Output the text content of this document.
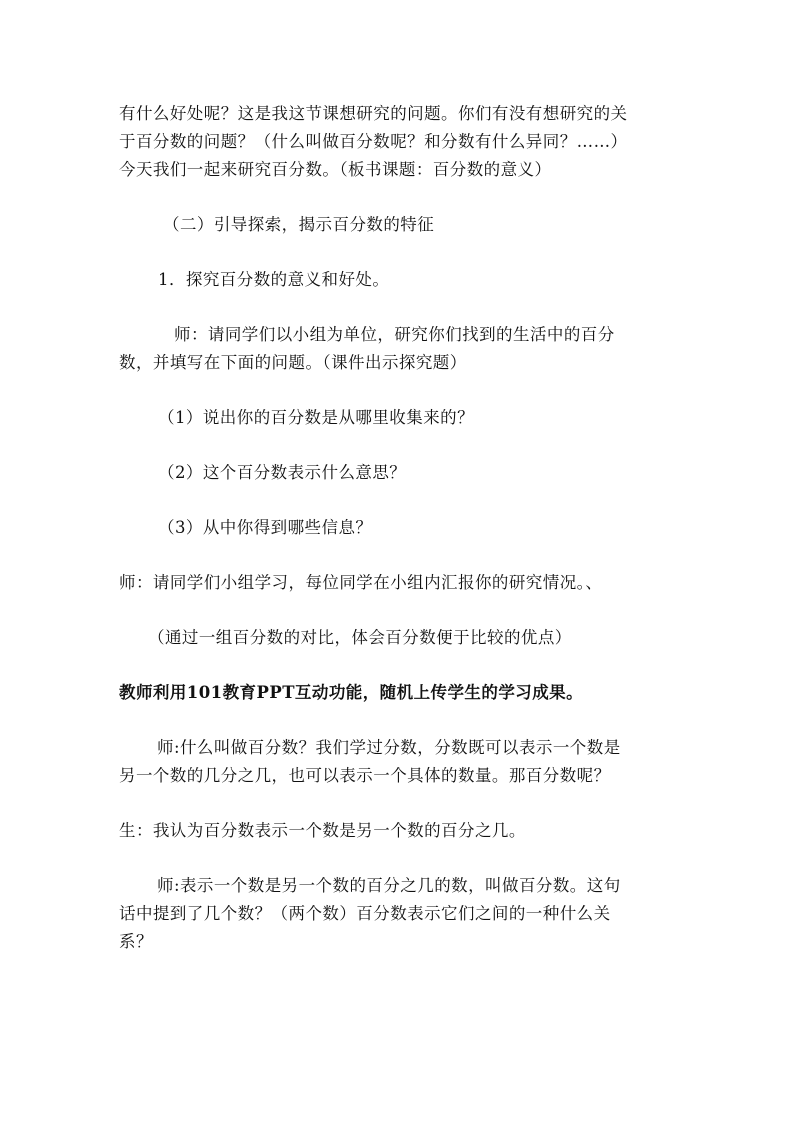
有什么好处呢？这是我这节课想研究的问题。你们有没有想研究的关
于百分数的问题？（什么叫做百分数呢？和分数有什么异同？……）
今天我们一起来研究百分数。（板书课题：百分数的意义）
（二）引导探索，揭示百分数的特征
1．探究百分数的意义和好处。
师：请同学们以小组为单位，研究你们找到的生活中的百分
数，并填写在下面的问题。（课件出示探究题）
（1）说出你的百分数是从哪里收集来的？
（2）这个百分数表示什么意思？
（3）从中你得到哪些信息？
师：请同学们小组学习，每位同学在小组内汇报你的研究情况。、
（通过一组百分数的对比，体会百分数便于比较的优点）
教师利用101教育PPT互动功能，随机上传学生的学习成果。
师:什么叫做百分数？我们学过分数，分数既可以表示一个数是
另一个数的几分之几，也可以表示一个具体的数量。那百分数呢？
生：我认为百分数表示一个数是另一个数的百分之几。
师:表示一个数是另一个数的百分之几的数，叫做百分数。这句
话中提到了几个数？（两个数）百分数表示它们之间的一种什么关
系？
